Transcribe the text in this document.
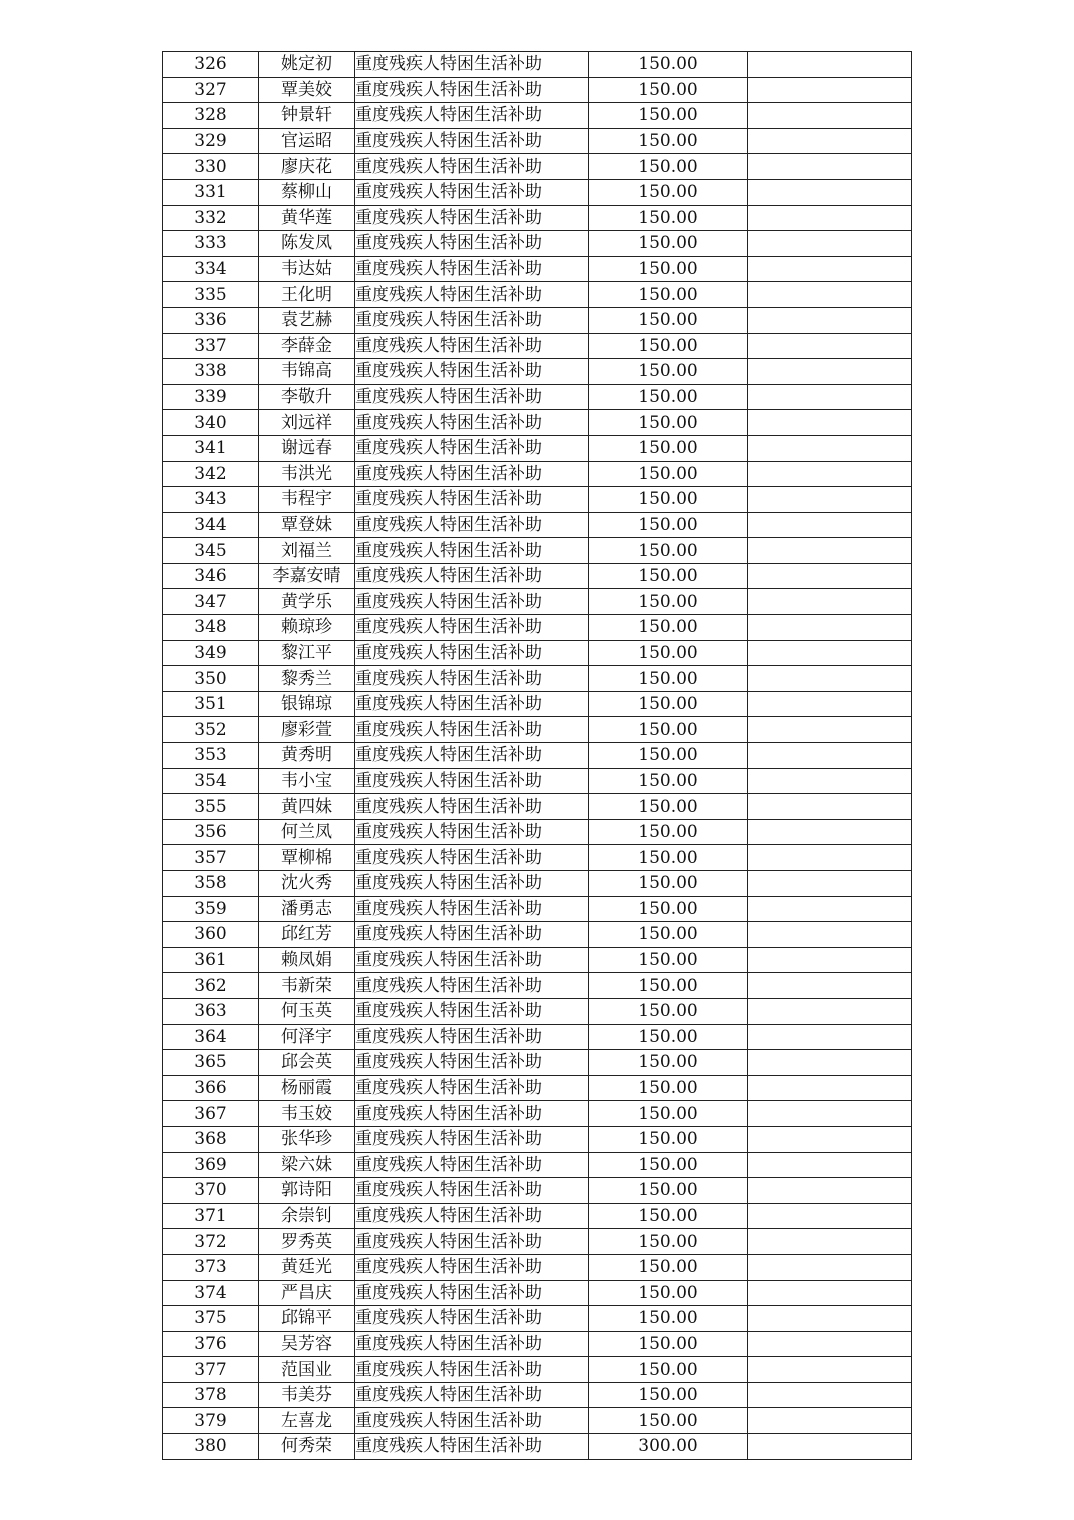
326	姚定初	重度残疾人特困生活补助	150.00	
327	覃美姣	重度残疾人特困生活补助	150.00	
328	钟景轩	重度残疾人特困生活补助	150.00	
329	官运昭	重度残疾人特困生活补助	150.00	
330	廖庆花	重度残疾人特困生活补助	150.00	
331	蔡柳山	重度残疾人特困生活补助	150.00	
332	黄华莲	重度残疾人特困生活补助	150.00	
333	陈发凤	重度残疾人特困生活补助	150.00	
334	韦达姑	重度残疾人特困生活补助	150.00	
335	王化明	重度残疾人特困生活补助	150.00	
336	袁艺赫	重度残疾人特困生活补助	150.00	
337	李薛金	重度残疾人特困生活补助	150.00	
338	韦锦高	重度残疾人特困生活补助	150.00	
339	李敬升	重度残疾人特困生活补助	150.00	
340	刘远祥	重度残疾人特困生活补助	150.00	
341	谢远春	重度残疾人特困生活补助	150.00	
342	韦洪光	重度残疾人特困生活补助	150.00	
343	韦程宇	重度残疾人特困生活补助	150.00	
344	覃登妹	重度残疾人特困生活补助	150.00	
345	刘福兰	重度残疾人特困生活补助	150.00	
346	李嘉安晴	重度残疾人特困生活补助	150.00	
347	黄学乐	重度残疾人特困生活补助	150.00	
348	赖琼珍	重度残疾人特困生活补助	150.00	
349	黎江平	重度残疾人特困生活补助	150.00	
350	黎秀兰	重度残疾人特困生活补助	150.00	
351	银锦琼	重度残疾人特困生活补助	150.00	
352	廖彩萱	重度残疾人特困生活补助	150.00	
353	黄秀明	重度残疾人特困生活补助	150.00	
354	韦小宝	重度残疾人特困生活补助	150.00	
355	黄四妹	重度残疾人特困生活补助	150.00	
356	何兰凤	重度残疾人特困生活补助	150.00	
357	覃柳棉	重度残疾人特困生活补助	150.00	
358	沈火秀	重度残疾人特困生活补助	150.00	
359	潘勇志	重度残疾人特困生活补助	150.00	
360	邱红芳	重度残疾人特困生活补助	150.00	
361	赖凤娟	重度残疾人特困生活补助	150.00	
362	韦新荣	重度残疾人特困生活补助	150.00	
363	何玉英	重度残疾人特困生活补助	150.00	
364	何泽宇	重度残疾人特困生活补助	150.00	
365	邱会英	重度残疾人特困生活补助	150.00	
366	杨丽霞	重度残疾人特困生活补助	150.00	
367	韦玉姣	重度残疾人特困生活补助	150.00	
368	张华珍	重度残疾人特困生活补助	150.00	
369	梁六妹	重度残疾人特困生活补助	150.00	
370	郭诗阳	重度残疾人特困生活补助	150.00	
371	余崇钊	重度残疾人特困生活补助	150.00	
372	罗秀英	重度残疾人特困生活补助	150.00	
373	黄廷光	重度残疾人特困生活补助	150.00	
374	严昌庆	重度残疾人特困生活补助	150.00	
375	邱锦平	重度残疾人特困生活补助	150.00	
376	吴芳容	重度残疾人特困生活补助	150.00	
377	范国业	重度残疾人特困生活补助	150.00	
378	韦美芬	重度残疾人特困生活补助	150.00	
379	左喜龙	重度残疾人特困生活补助	150.00	
380	何秀荣	重度残疾人特困生活补助	300.00	
